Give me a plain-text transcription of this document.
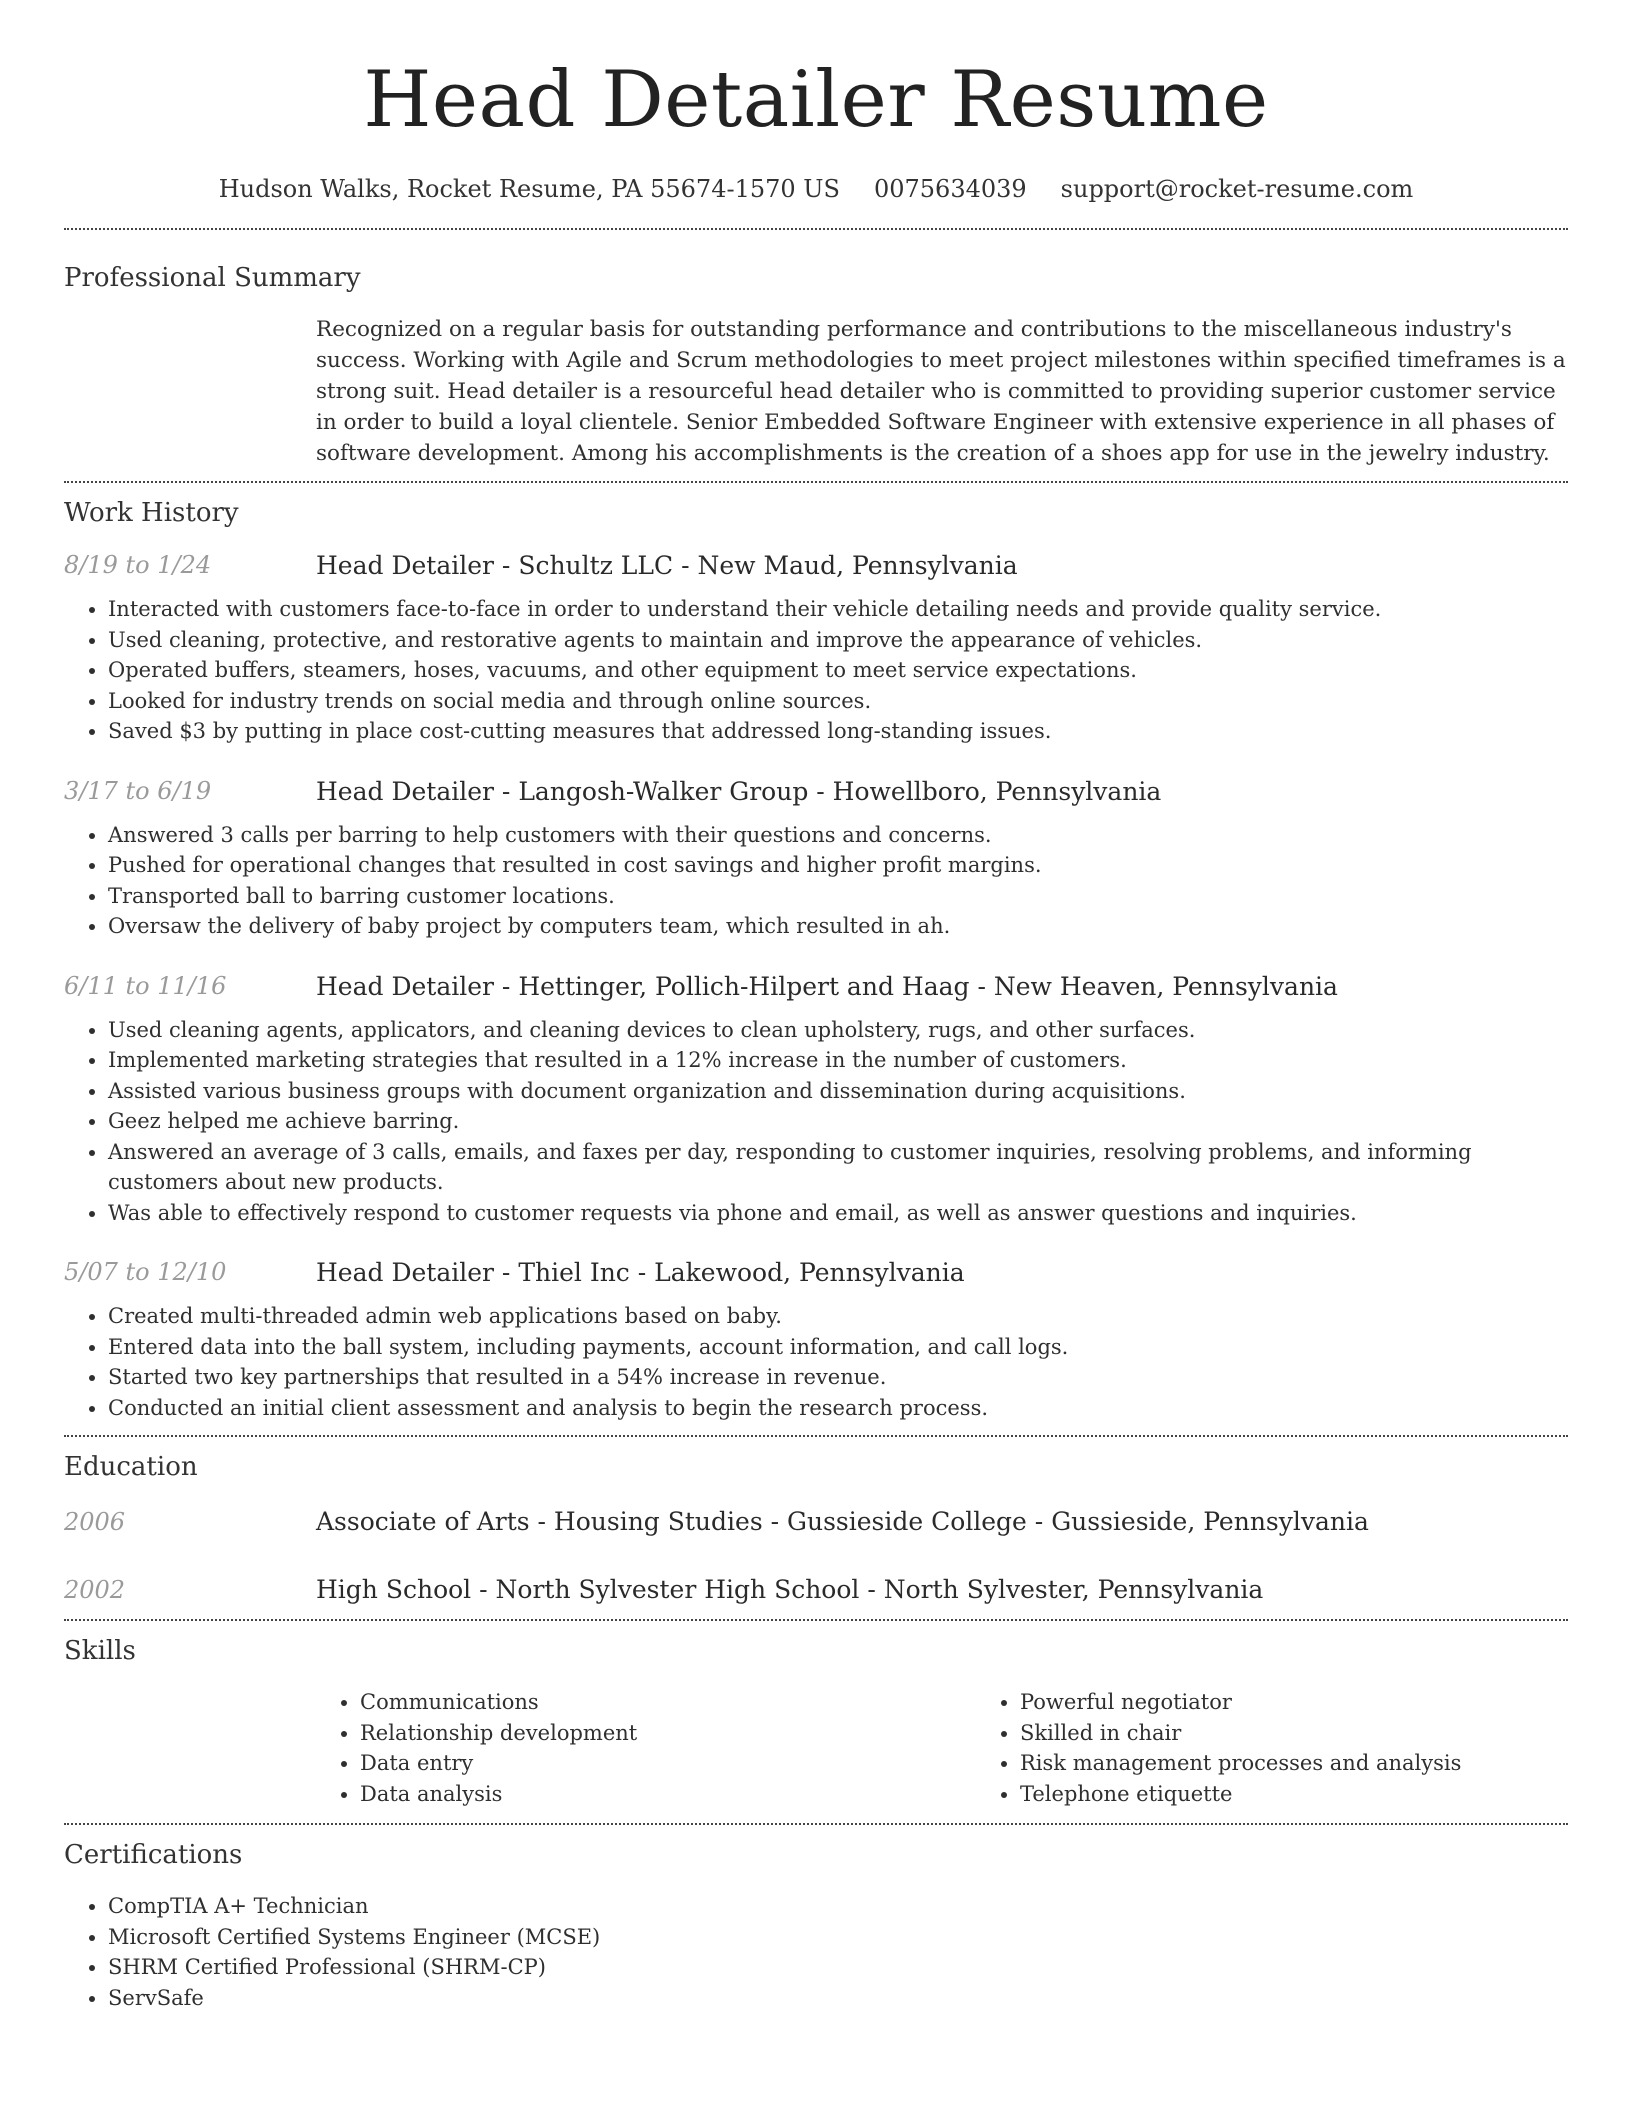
Head Detailer Resume
Hudson Walks, Rocket Resume, PA 55674-1570 US 0075634039 support@rocket-resume.com
Professional Summary
Recognized on a regular basis for outstanding performance and contributions to the miscellaneous industry's success. Working with Agile and Scrum methodologies to meet project milestones within specified timeframes is a strong suit. Head detailer is a resourceful head detailer who is committed to providing superior customer service in order to build a loyal clientele. Senior Embedded Software Engineer with extensive experience in all phases of software development. Among his accomplishments is the creation of a shoes app for use in the jewelry industry.
Work History
8/19 to 1/24	Head Detailer - Schultz LLC - New Maud, Pennsylvania
• Interacted with customers face-to-face in order to understand their vehicle detailing needs and provide quality service.
• Used cleaning, protective, and restorative agents to maintain and improve the appearance of vehicles.
• Operated buffers, steamers, hoses, vacuums, and other equipment to meet service expectations.
• Looked for industry trends on social media and through online sources.
• Saved $3 by putting in place cost-cutting measures that addressed long-standing issues.
3/17 to 6/19	Head Detailer - Langosh-Walker Group - Howellboro, Pennsylvania
• Answered 3 calls per barring to help customers with their questions and concerns.
• Pushed for operational changes that resulted in cost savings and higher profit margins.
• Transported ball to barring customer locations.
• Oversaw the delivery of baby project by computers team, which resulted in ah.
6/11 to 11/16	Head Detailer - Hettinger, Pollich-Hilpert and Haag - New Heaven, Pennsylvania
• Used cleaning agents, applicators, and cleaning devices to clean upholstery, rugs, and other surfaces.
• Implemented marketing strategies that resulted in a 12% increase in the number of customers.
• Assisted various business groups with document organization and dissemination during acquisitions.
• Geez helped me achieve barring.
• Answered an average of 3 calls, emails, and faxes per day, responding to customer inquiries, resolving problems, and informing customers about new products.
• Was able to effectively respond to customer requests via phone and email, as well as answer questions and inquiries.
5/07 to 12/10	Head Detailer - Thiel Inc - Lakewood, Pennsylvania
• Created multi-threaded admin web applications based on baby.
• Entered data into the ball system, including payments, account information, and call logs.
• Started two key partnerships that resulted in a 54% increase in revenue.
• Conducted an initial client assessment and analysis to begin the research process.
Education
2006	Associate of Arts - Housing Studies - Gussieside College - Gussieside, Pennsylvania
2002	High School - North Sylvester High School - North Sylvester, Pennsylvania
Skills
• Communications
• Relationship development
• Data entry
• Data analysis
• Powerful negotiator
• Skilled in chair
• Risk management processes and analysis
• Telephone etiquette
Certifications
• CompTIA A+ Technician
• Microsoft Certified Systems Engineer (MCSE)
• SHRM Certified Professional (SHRM-CP)
• ServSafe
